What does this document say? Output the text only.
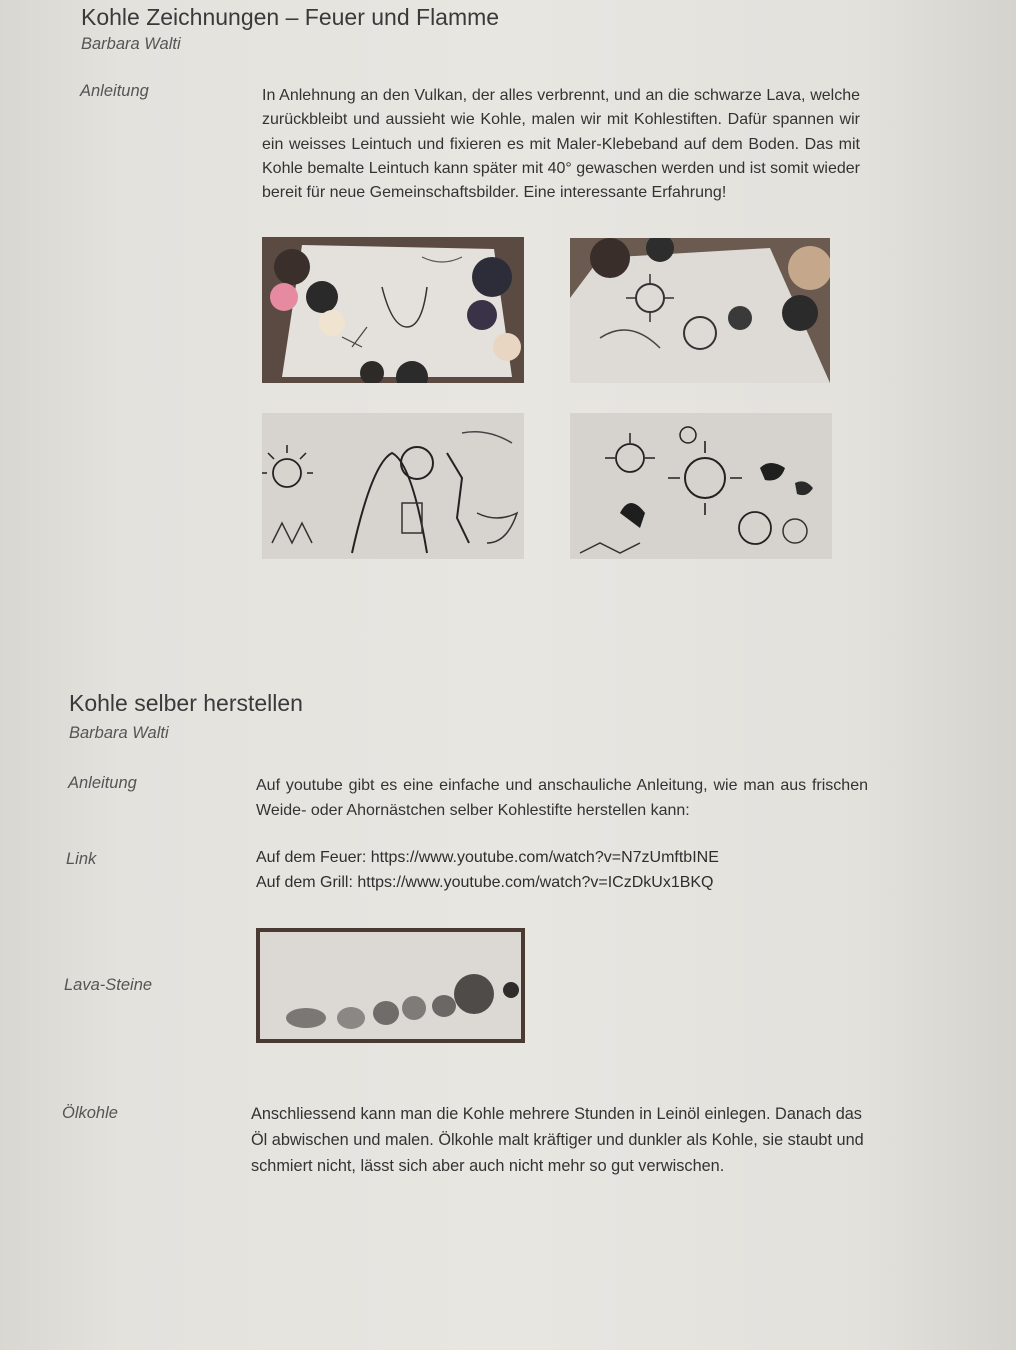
Kohle Zeichnungen – Feuer und Flamme
Barbara Walti
Anleitung	In Anlehnung an den Vulkan, der alles verbrennt, und an die schwarze Lava, welche zurückbleibt und aussieht wie Kohle, malen wir mit Kohlestiften. Dafür spannen wir ein weisses Leintuch und fixieren es mit Maler-Klebeband auf dem Boden. Das mit Kohle bemalte Leintuch kann später mit 40° gewaschen werden und ist somit wieder bereit für neue Gemeinschaftsbilder. Eine interessante Erfahrung!
Kohle selber herstellen
Barbara Walti
Anleitung	Auf youtube gibt es eine einfache und anschauliche Anleitung, wie man aus frischen Weide- oder Ahornästchen selber Kohlestifte herstellen kann:
Link	Auf dem Feuer: https://www.youtube.com/watch?v=N7zUmftbINE
Auf dem Grill: https://www.youtube.com/watch?v=ICzDkUx1BKQ
Lava-Steine
Ölkohle	Anschliessend kann man die Kohle mehrere Stunden in Leinöl einlegen. Danach das Öl abwischen und malen. Ölkohle malt kräftiger und dunkler als Kohle, sie staubt und schmiert nicht, lässt sich aber auch nicht mehr so gut verwischen.
